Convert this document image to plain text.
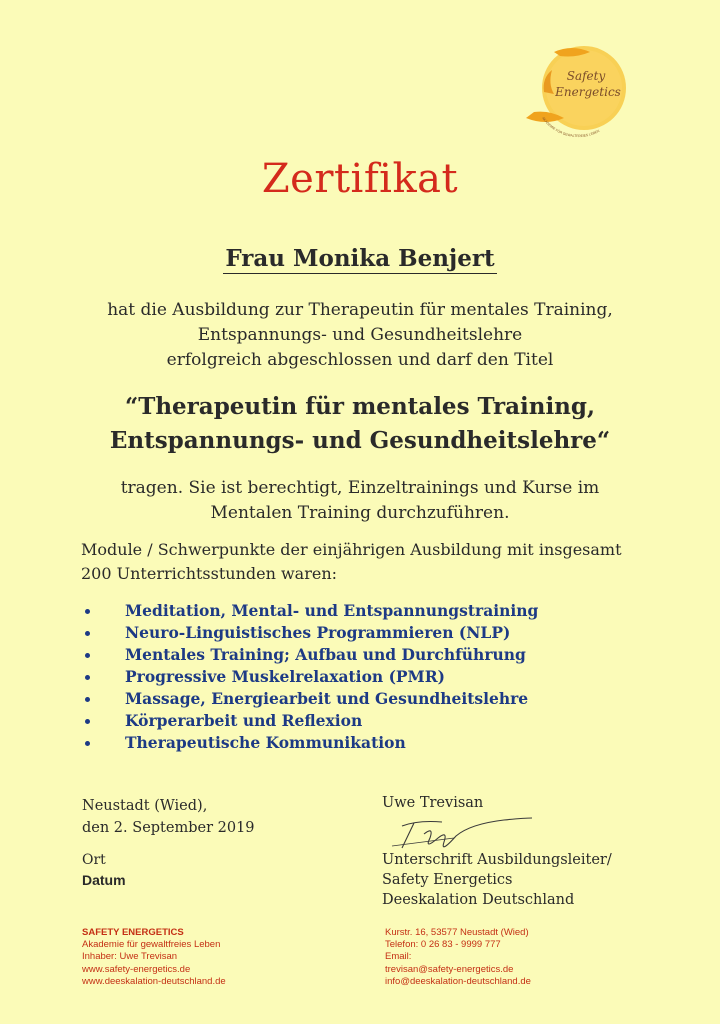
Safety
Energetics
AKADEMIE FÜR GEWALTFREIES LEBEN
Zertifikat
Frau Monika Benjert
hat die Ausbildung zur Therapeutin für mentales Training,
Entspannungs- und Gesundheitslehre
erfolgreich abgeschlossen und darf den Titel
“Therapeutin für mentales Training,
Entspannungs- und Gesundheitslehre“
tragen. Sie ist berechtigt, Einzeltrainings und Kurse im
Mentalen Training durchzuführen.
Module / Schwerpunkte der einjährigen Ausbildung mit insgesamt
200 Unterrichtsstunden waren:
Meditation, Mental- und Entspannungstraining
Neuro-Linguistisches Programmieren (NLP)
Mentales Training; Aufbau und Durchführung
Progressive Muskelrelaxation (PMR)
Massage, Energiearbeit und Gesundheitslehre
Körperarbeit und Reflexion
Therapeutische Kommunikation
Neustadt (Wied),
den 2. September 2019
Ort
Datum
Uwe Trevisan
Unterschrift Ausbildungsleiter/
Safety Energetics
Deeskalation Deutschland
SAFETY ENERGETICS
Akademie für gewaltfreies Leben
Inhaber: Uwe Trevisan
www.safety-energetics.de
www.deeskalation-deutschland.de
Kurstr. 16, 53577 Neustadt (Wied)
Telefon: 0 26 83 - 9999 777
Email:
trevisan@safety-energetics.de
info@deeskalation-deutschland.de
